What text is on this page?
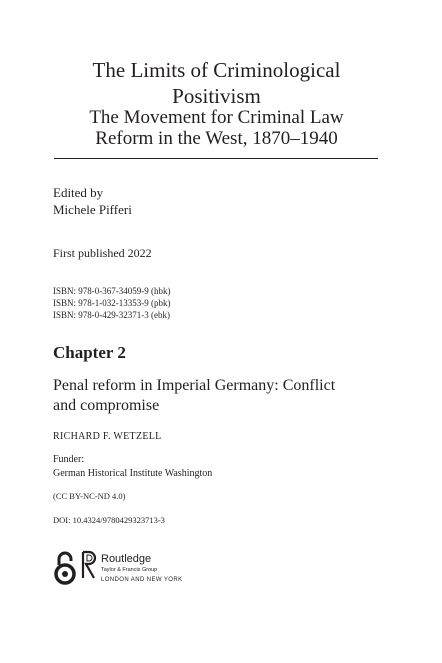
The Limits of Criminological
Positivism
The Movement for Criminal Law
Reform in the West, 1870–1940
Edited by
Michele Pifferi
First published 2022
ISBN: 978-0-367-34059-9 (hbk)
ISBN: 978-1-032-13353-9 (pbk)
ISBN: 978-0-429-32371-3 (ebk)
Chapter 2
Penal reform in Imperial Germany: Conflict
and compromise
RICHARD F. WETZELL
Funder:
German Historical Institute Washington
(CC BY-NC-ND 4.0)
DOI: 10.4324/9780429323713-3
Routledge
Taylor & Francis Group
LONDON AND NEW YORK
